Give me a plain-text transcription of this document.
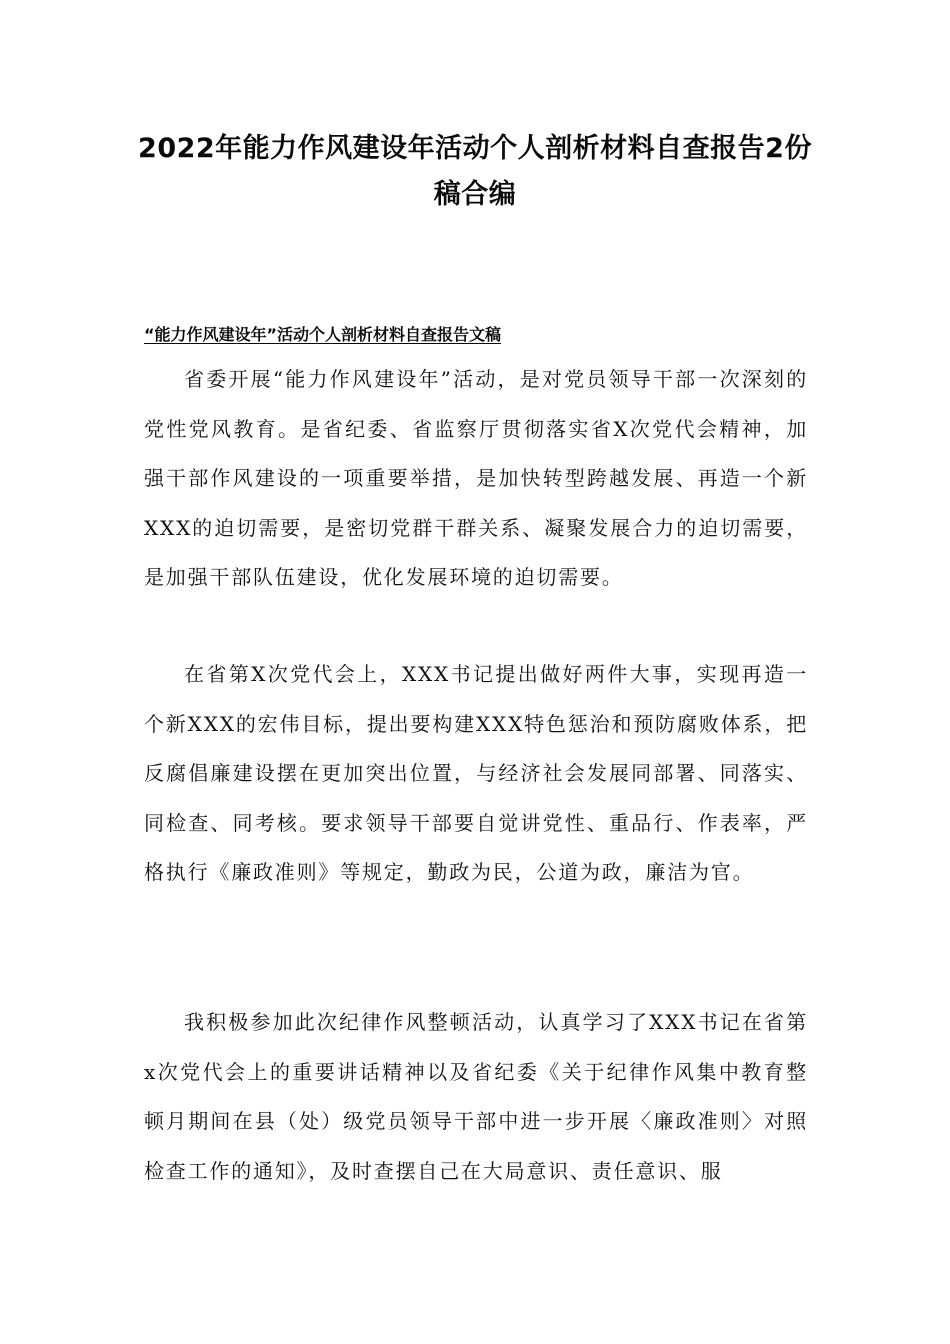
2022年能力作风建设年活动个人剖析材料自查报告2份稿合编
“能力作风建设年”活动个人剖析材料自查报告文稿

省委开展“能力作风建设年”活动，是对党员领导干部一次深刻的党性党风教育。是省纪委、省监察厅贯彻落实省X次党代会精神，加强干部作风建设的一项重要举措，是加快转型跨越发展、再造一个新XXX的迫切需要，是密切党群干群关系、凝聚发展合力的迫切需要，是加强干部队伍建设，优化发展环境的迫切需要。

在省第X次党代会上，XXX书记提出做好两件大事，实现再造一个新XXX的宏伟目标，提出要构建XXX特色惩治和预防腐败体系，把反腐倡廉建设摆在更加突出位置，与经济社会发展同部署、同落实、同检查、同考核。要求领导干部要自觉讲党性、重品行、作表率，严格执行《廉政准则》等规定，勤政为民，公道为政，廉洁为官。

我积极参加此次纪律作风整顿活动，认真学习了XXX书记在省第x次党代会上的重要讲话精神以及省纪委《关于纪律作风集中教育整顿月期间在县（处）级党员领导干部中进一步开展〈廉政准则〉对照检查工作的通知》，及时查摆自己在大局意识、责任意识、服
